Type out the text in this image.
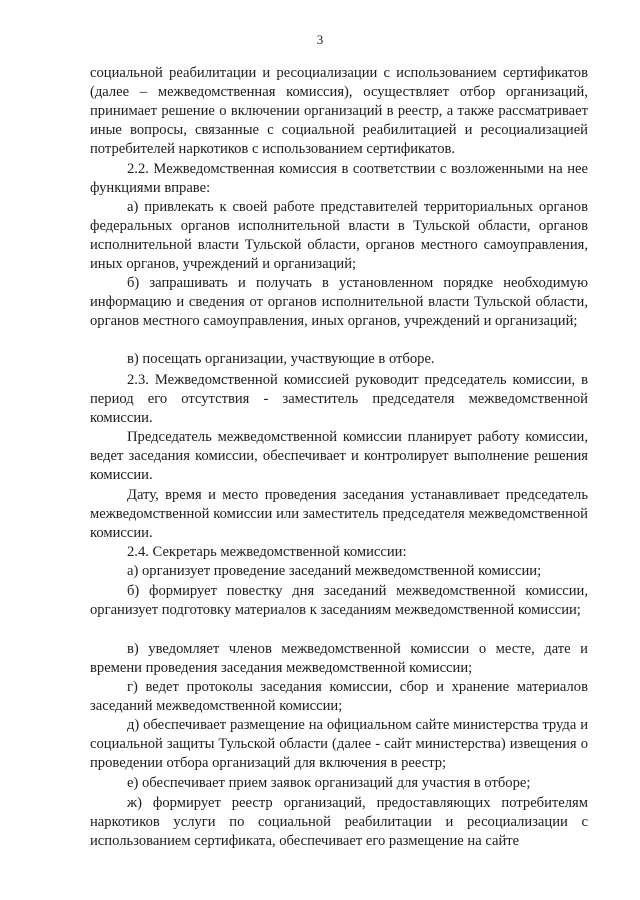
3
социальной реабилитации и ресоциализации с использованием сертификатов (далее – межведомственная комиссия), осуществляет отбор организаций, принимает решение о включении организаций в реестр, а также рассматривает иные вопросы, связанные с социальной реабилитацией и ресоциализацией потребителей наркотиков с использованием сертификатов.
2.2. Межведомственная комиссия в соответствии с возложенными на нее функциями вправе:
а) привлекать к своей работе представителей территориальных органов федеральных органов исполнительной власти в Тульской области, органов исполнительной власти Тульской области, органов местного самоуправления, иных органов, учреждений и организаций;
б) запрашивать и получать в установленном порядке необходимую информацию и сведения от органов исполнительной власти Тульской области, органов местного самоуправления, иных органов, учреждений и организаций;
в) посещать организации, участвующие в отборе.
2.3. Межведомственной комиссией руководит председатель комиссии, в период его отсутствия - заместитель председателя межведомственной комиссии.
Председатель межведомственной комиссии планирует работу комиссии, ведет заседания комиссии, обеспечивает и контролирует выполнение решения комиссии.
Дату, время и место проведения заседания устанавливает председатель межведомственной комиссии или заместитель председателя межведомственной комиссии.
2.4. Секретарь межведомственной комиссии:
а) организует проведение заседаний межведомственной комиссии;
б) формирует повестку дня заседаний межведомственной комиссии, организует подготовку материалов к заседаниям межведомственной комиссии;
в) уведомляет членов межведомственной комиссии о месте, дате и времени проведения заседания межведомственной комиссии;
г) ведет протоколы заседания комиссии, сбор и хранение материалов заседаний межведомственной комиссии;
д) обеспечивает размещение на официальном сайте министерства труда и социальной защиты Тульской области (далее - сайт министерства) извещения о проведении отбора организаций для включения в реестр;
е) обеспечивает прием заявок организаций для участия в отборе;
ж) формирует реестр организаций, предоставляющих потребителям наркотиков услуги по социальной реабилитации и ресоциализации с использованием сертификата, обеспечивает его размещение на сайте
